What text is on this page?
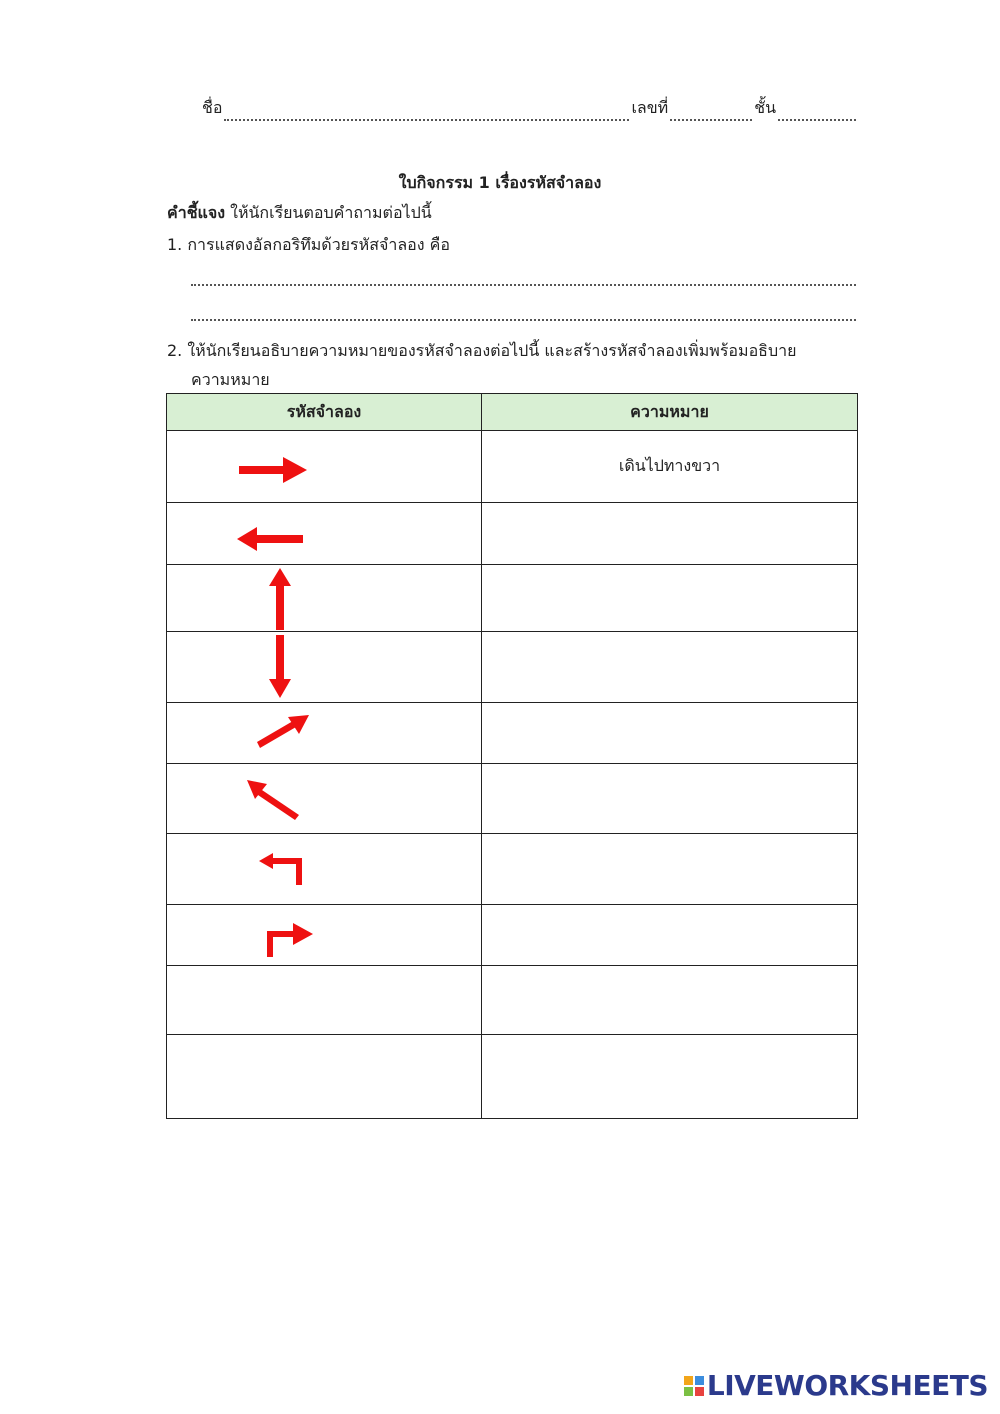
ชื่อ	เลขที่	ชั้น
ใบกิจกรรม 1 เรื่องรหัสจำลอง
คำชี้แจง ให้นักเรียนตอบคำถามต่อไปนี้
1. การแสดงอัลกอริทึมด้วยรหัสจำลอง คือ
2. ให้นักเรียนอธิบายความหมายของรหัสจำลองต่อไปนี้ และสร้างรหัสจำลองเพิ่มพร้อมอธิบาย
ความหมาย
รหัสจำลอง	ความหมาย

	เดินไปทางขวา

LIVEWORKSHEETS
